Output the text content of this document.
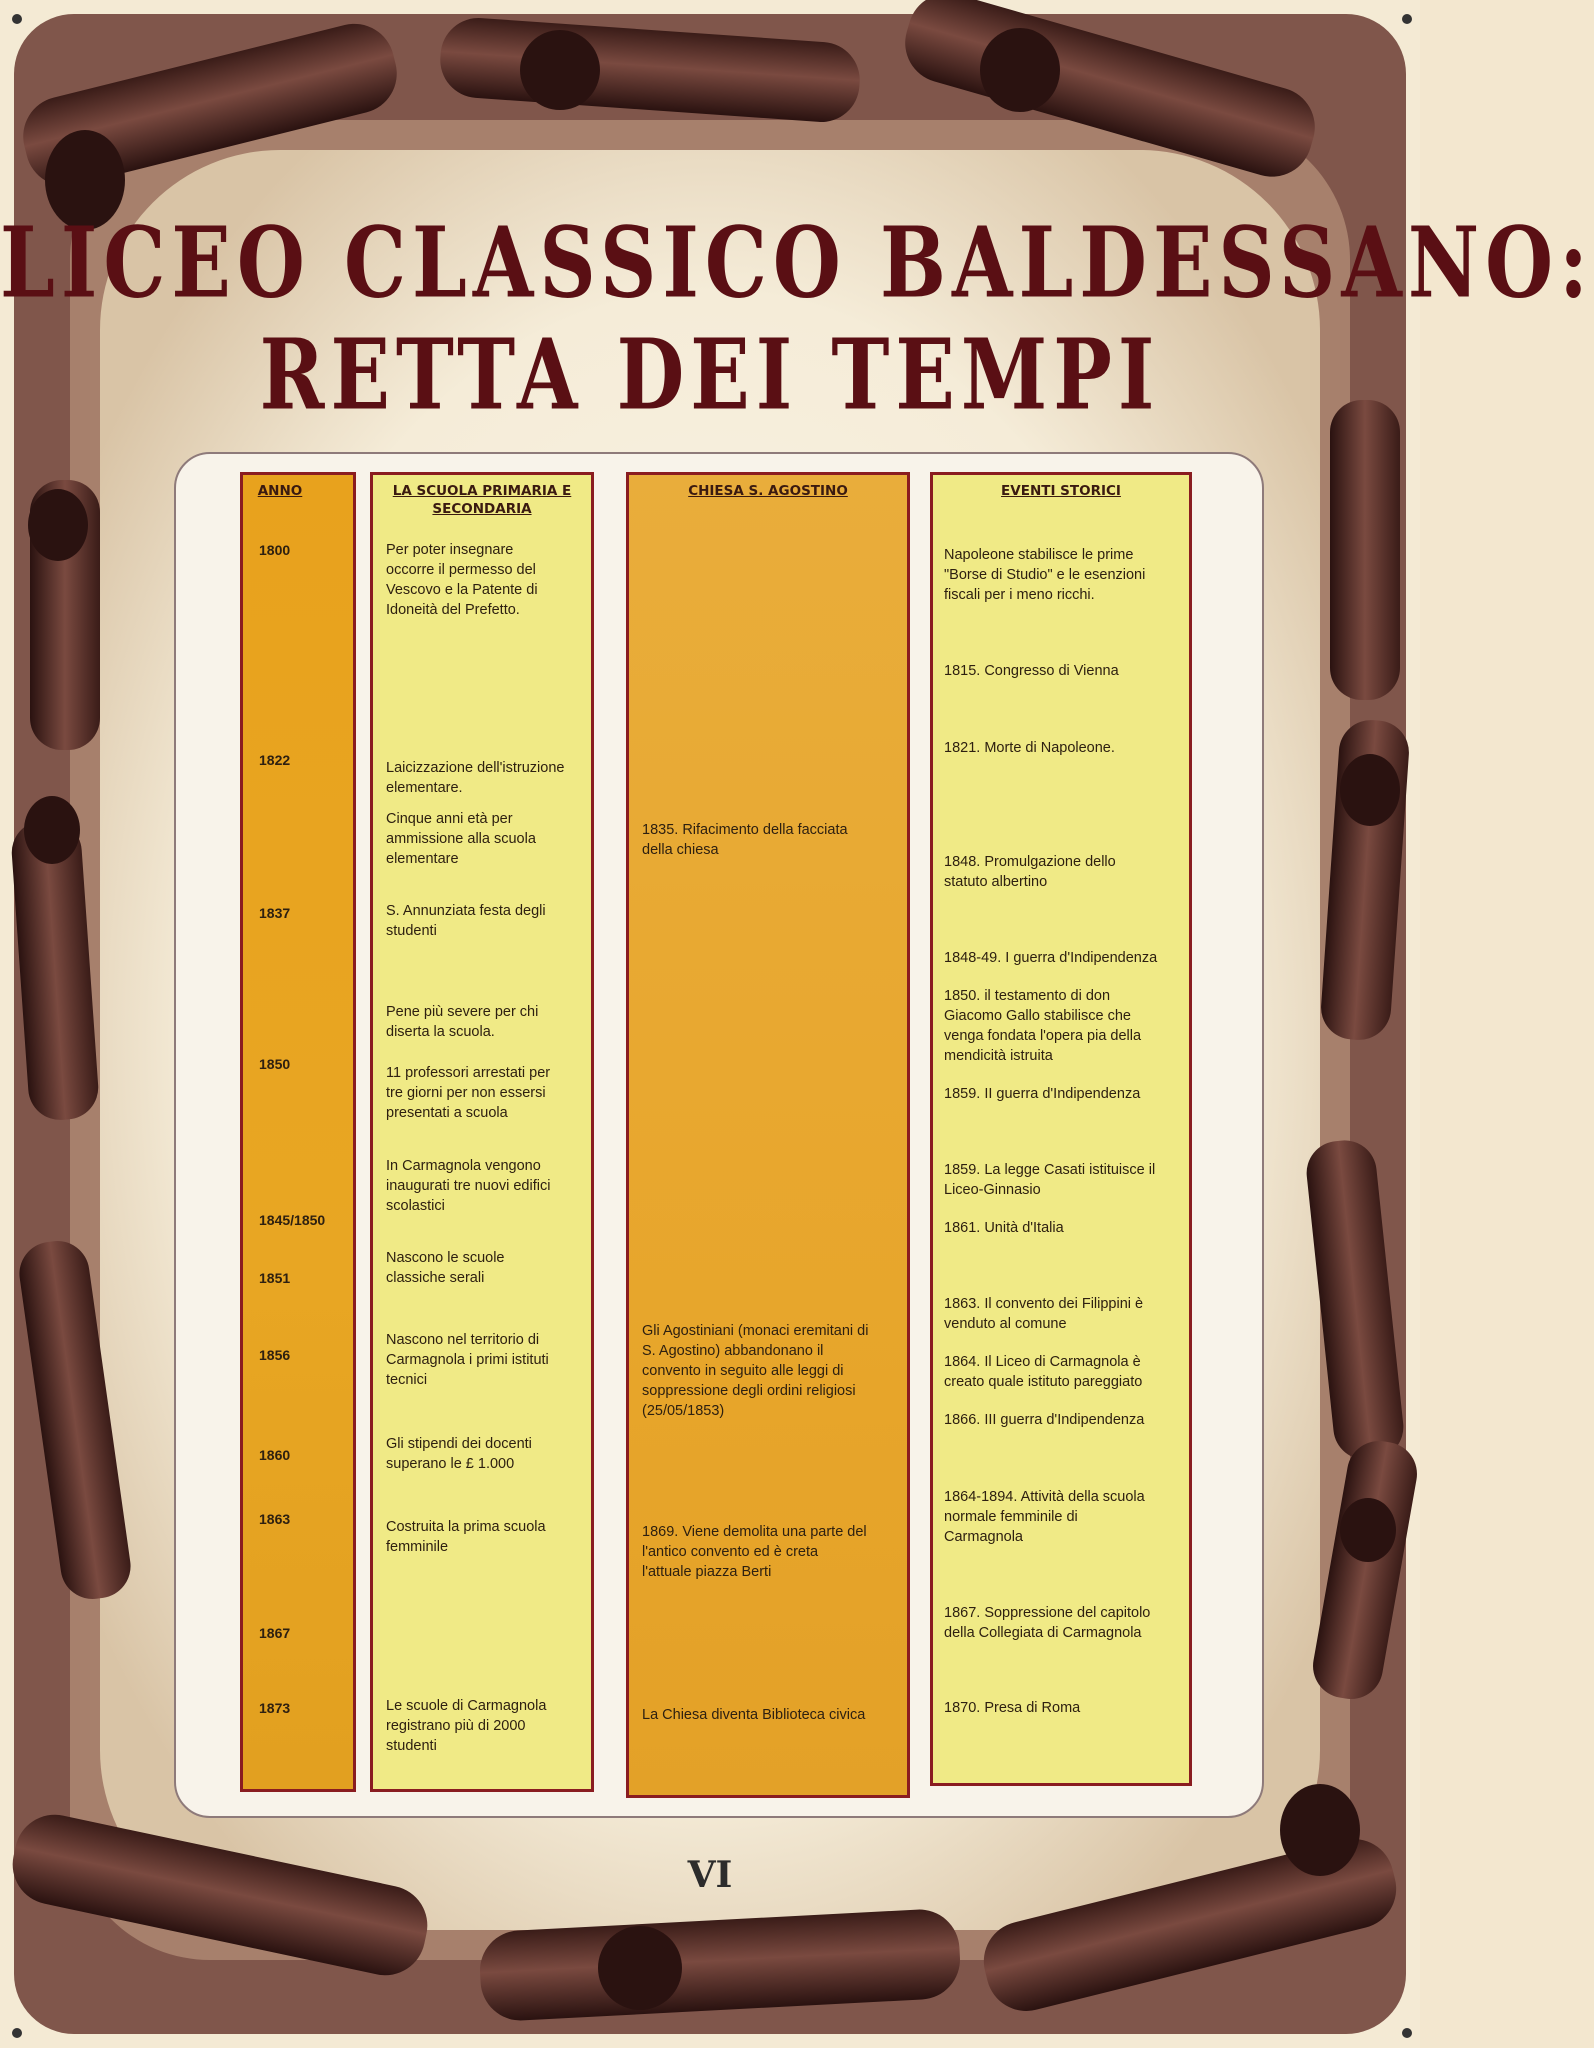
LICEO CLASSICO BALDESSANO:
RETTA DEI TEMPI
ANNO	LA SCUOLA PRIMARIA E SECONDARIA
CHIESA S. AGOSTINO	EVENTI STORICI
1800
1822
1837
1850
1845/1850
1851
1856
1860
1863
1867
1873
Per poter insegnare
occorre il permesso del
Vescovo e la Patente di
Idoneità del Prefetto.
Laicizzazione dell'istruzione
elementare.
Cinque anni età per
ammissione alla scuola
elementare
S. Annunziata festa degli
studenti
Pene più severe per chi
diserta la scuola.
11 professori arrestati per
tre giorni per non essersi
presentati a scuola
In Carmagnola vengono
inaugurati tre nuovi edifici
scolastici
Nascono le scuole
classiche serali
Nascono nel territorio di
Carmagnola i primi istituti
tecnici
Gli stipendi dei docenti
superano le £ 1.000
Costruita la prima scuola
femminile
Le scuole di Carmagnola
registrano più di 2000
studenti
1835. Rifacimento della facciata
della chiesa
Gli Agostiniani (monaci eremitani di
S. Agostino) abbandonano il
convento in seguito alle leggi di
soppressione degli ordini religiosi
(25/05/1853)
1869. Viene demolita una parte del
l'antico convento ed è creta
l'attuale piazza Berti
La Chiesa diventa Biblioteca civica
Napoleone stabilisce le prime
"Borse di Studio" e le esenzioni
fiscali per i meno ricchi.
1815. Congresso di Vienna
1821. Morte di Napoleone.
1848. Promulgazione dello
statuto albertino
1848-49. I guerra d'Indipendenza
1850. il testamento di don
Giacomo Gallo stabilisce che
venga fondata l'opera pia della
mendicità istruita
1859. II guerra d'Indipendenza
1859. La legge Casati istituisce il
Liceo-Ginnasio
1861. Unità d'Italia
1863. Il convento dei Filippini è
venduto al comune
1864. Il Liceo di Carmagnola è
creato quale istituto pareggiato
1866. III guerra d'Indipendenza
1864-1894. Attività della scuola
normale femminile di
Carmagnola
1867. Soppressione del capitolo
della Collegiata di Carmagnola
1870. Presa di Roma
VI
